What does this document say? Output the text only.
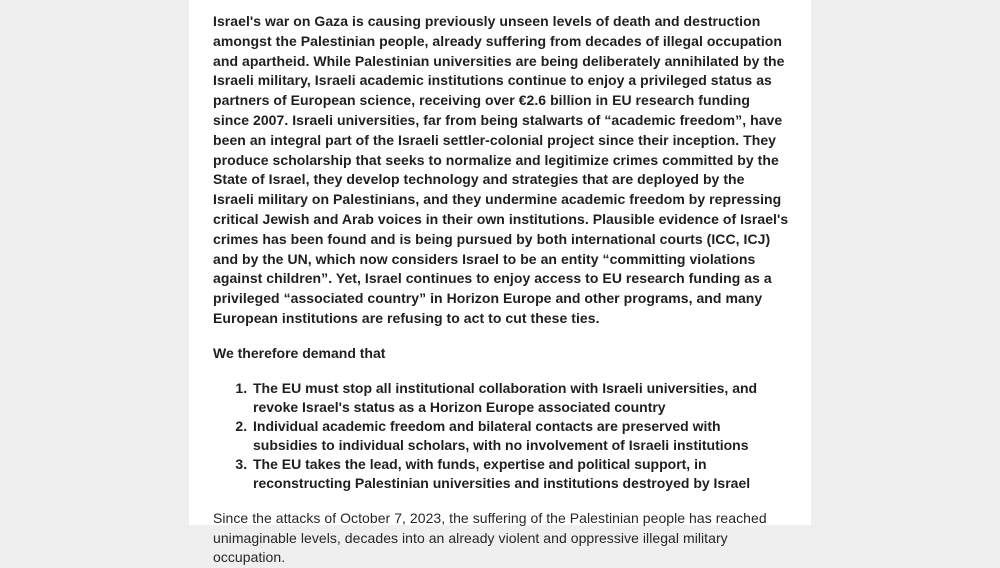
Israel's war on Gaza is causing previously unseen levels of death and destruction amongst the Palestinian people, already suffering from decades of illegal occupation and apartheid. While Palestinian universities are being deliberately annihilated by the Israeli military, Israeli academic institutions continue to enjoy a privileged status as partners of European science, receiving over €2.6 billion in EU research funding since 2007. Israeli universities, far from being stalwarts of “academic freedom”, have been an integral part of the Israeli settler-colonial project since their inception. They produce scholarship that seeks to normalize and legitimize crimes committed by the State of Israel, they develop technology and strategies that are deployed by the Israeli military on Palestinians, and they undermine academic freedom by repressing critical Jewish and Arab voices in their own institutions. Plausible evidence of Israel's crimes has been found and is being pursued by both international courts (ICC, ICJ) and by the UN, which now considers Israel to be an entity “committing violations against children”. Yet, Israel continues to enjoy access to EU research funding as a privileged “associated country” in Horizon Europe and other programs, and many European institutions are refusing to act to cut these ties.

We therefore demand that

1. The EU must stop all institutional collaboration with Israeli universities, and revoke Israel's status as a Horizon Europe associated country
2. Individual academic freedom and bilateral contacts are preserved with subsidies to individual scholars, with no involvement of Israeli institutions
3. The EU takes the lead, with funds, expertise and political support, in reconstructing Palestinian universities and institutions destroyed by Israel

Since the attacks of October 7, 2023, the suffering of the Palestinian people has reached unimaginable levels, decades into an already violent and oppressive illegal military occupation.
